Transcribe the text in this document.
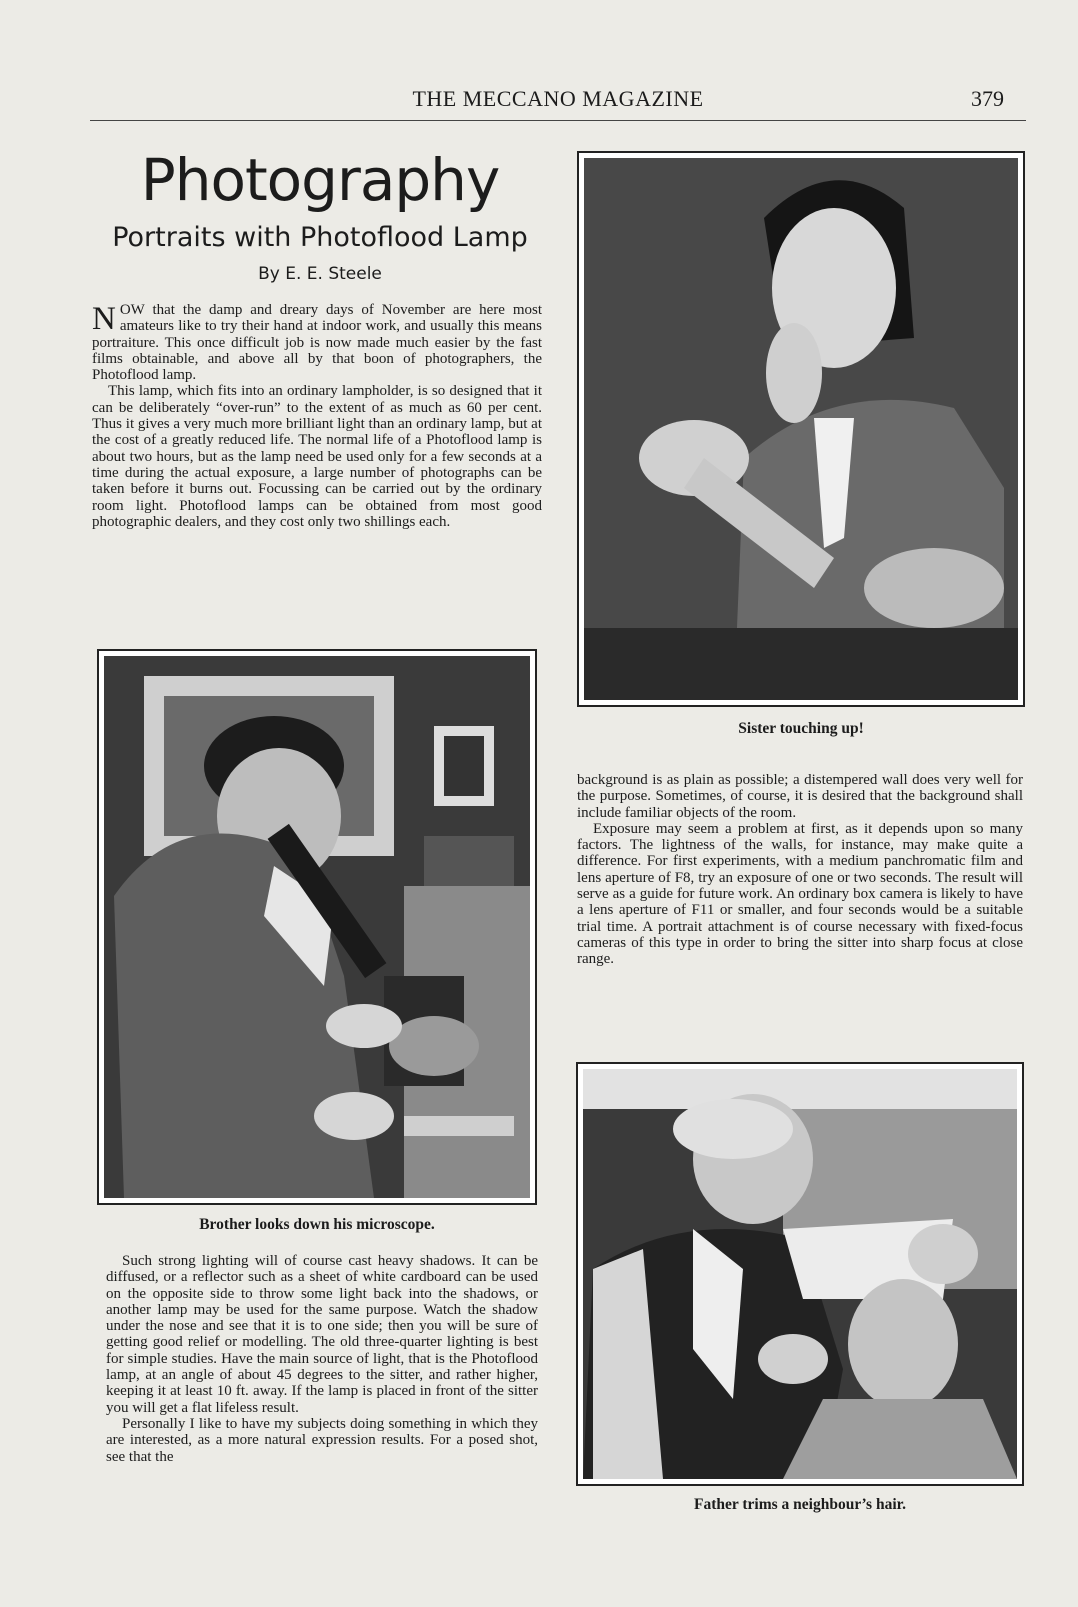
THE MECCANO MAGAZINE	379
Photography
Portraits with Photoflood Lamp
By E. E. Steele

NOW that the damp and dreary days of November are here most amateurs like to try their hand at indoor work, and usually this means portraiture. This once difficult job is now made much easier by the fast films obtainable, and above all by that boon of photographers, the Photoflood lamp.

This lamp, which fits into an ordinary lampholder, is so designed that it can be deliberately “over-run” to the extent of as much as 60 per cent. Thus it gives a very much more brilliant light than an ordinary lamp, but at the cost of a greatly reduced life. The normal life of a Photoflood lamp is about two hours, but as the lamp need be used only for a few seconds at a time during the actual exposure, a large number of photographs can be taken before it burns out. Focussing can be carried out by the ordinary room light. Photoflood lamps can be obtained from most good photographic dealers, and they cost only two shillings each.

Brother looks down his microscope.

Such strong lighting will of course cast heavy shadows. It can be diffused, or a reflector such as a sheet of white cardboard can be used on the opposite side to throw some light back into the shadows, or another lamp may be used for the same purpose. Watch the shadow under the nose and see that it is to one side; then you will be sure of getting good relief or modelling. The old three-quarter lighting is best for simple studies. Have the main source of light, that is the Photoflood lamp, at an angle of about 45 degrees to the sitter, and rather higher, keeping it at least 10 ft. away. If the lamp is placed in front of the sitter you will get a flat lifeless result.

Personally I like to have my subjects doing something in which they are interested, as a more natural expression results. For a posed shot, see that the

Sister touching up!

background is as plain as possible; a distempered wall does very well for the purpose. Sometimes, of course, it is desired that the background shall include familiar objects of the room.

Exposure may seem a problem at first, as it depends upon so many factors. The lightness of the walls, for instance, may make quite a difference. For first experiments, with a medium panchromatic film and lens aperture of F8, try an exposure of one or two seconds. The result will serve as a guide for future work. An ordinary box camera is likely to have a lens aperture of F11 or smaller, and four seconds would be a suitable trial time. A portrait attachment is of course necessary with fixed-focus cameras of this type in order to bring the sitter into sharp focus at close range.

Father trims a neighbour’s hair.
